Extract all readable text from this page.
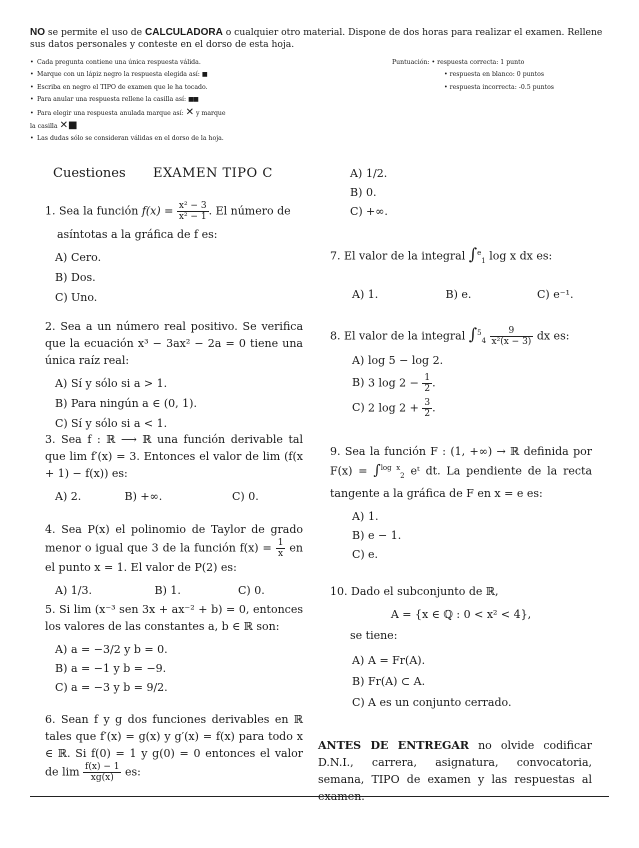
NO se permite el uso de CALCULADORA o cualquier otro material. Dispone de dos horas para realizar el examen. Rellene sus datos personales y conteste en el dorso de esta hoja.

• Cada pregunta contiene una única respuesta válida.
• Marque con un lápiz negro la respuesta elegida así: ■
• Escriba en negro el TIPO de examen que le ha tocado.
• Para anular una respuesta rellene la casilla así: ■■
• Para elegir una respuesta anulada marque así: ✕ y marque
la casilla ✕■
• Las dudas sólo se consideran válidas en el dorso de la hoja.
Puntuación: • respuesta correcta: 1 punto
• respuesta en blanco: 0 puntos
• respuesta incorrecta: -0.5 puntos
Cuestiones EXAMEN TIPO C
1. Sea la función $f(x) = \frac{\text{x² − 3}}{\text{x² − 1}}$ . El número de
asíntotas a la gráfica de f es:
A) Cero.
B) Dos.
C) Uno.

2. Sea a un número real positivo. Se verifica que la ecuación x³ − 3ax² − 2a = 0 tiene una única raíz real:

A) Sí y sólo si a > 1.
B) Para ningún a ∈ (0, 1).
C) Sí y sólo si a < 1.

3. Sea f : ℝ ⟶ ℝ una función derivable tal que lim f′(x) = 3. Entonces el valor de lim (f(x + 1) − f(x)) es:

A) 2.	B) +∞.	C) 0.

4. Sea P(x) el polinomio de Taylor de grado menor o igual que 3 de la función $f(x) = \frac{1}{x}$ en el punto x = 1. El valor de P(2) es:

A) 1/3.	B) 1.	C) 0.

5. Si lim (x⁻³ sen 3x + ax⁻² + b) = 0, entonces los valores de las constantes a, b ∈ ℝ son:

A) a = −3/2 y b = 0.
B) a = −1 y b = −9.
C) a = −3 y b = 9/2.

6. Sean f y g dos funciones derivables en ℝ tales que f′(x) = g(x) y g′(x) = f(x) para todo x ∈ ℝ. Si f(0) = 1 y g(0) = 0 entonces el valor de $\lim \frac{f(x) - 1}{xg(x)}$ es:

A) 1/2.
B) 0.
C) +∞.
7. El valor de la integral ∫$^e_1$ log x dx es:
A) 1.	B) e.	C) e⁻¹.
8. El valor de la integral $\int^5_4 \frac{9}{\text{x²(x − 3)}}$ dx es:
A) log 5 − log 2.
B) 3 $\log 2 - \frac{1}{2}$ .
C) 2 $\log 2 + \frac{3}{2}$ .

9. Sea la función F : (1, +∞) → ℝ definida por F(x) = ∫$^{log x}_2$ eᵗ dt. La pendiente de la recta tangente a la gráfica de F en x = e es:

A) 1.
B) e − 1.
C) e.
10. Dado el subconjunto de ℝ,
A = {x ∈ ℚ : 0 < x² < 4},
se tiene:
A) A = Fr(A).
B) Fr(A) ⊂ A.
C) A es un conjunto cerrado.

ANTES DE ENTREGAR no olvide codificar D.N.I., carrera, asignatura, convocatoria, semana, TIPO de examen y las respuestas al examen.
